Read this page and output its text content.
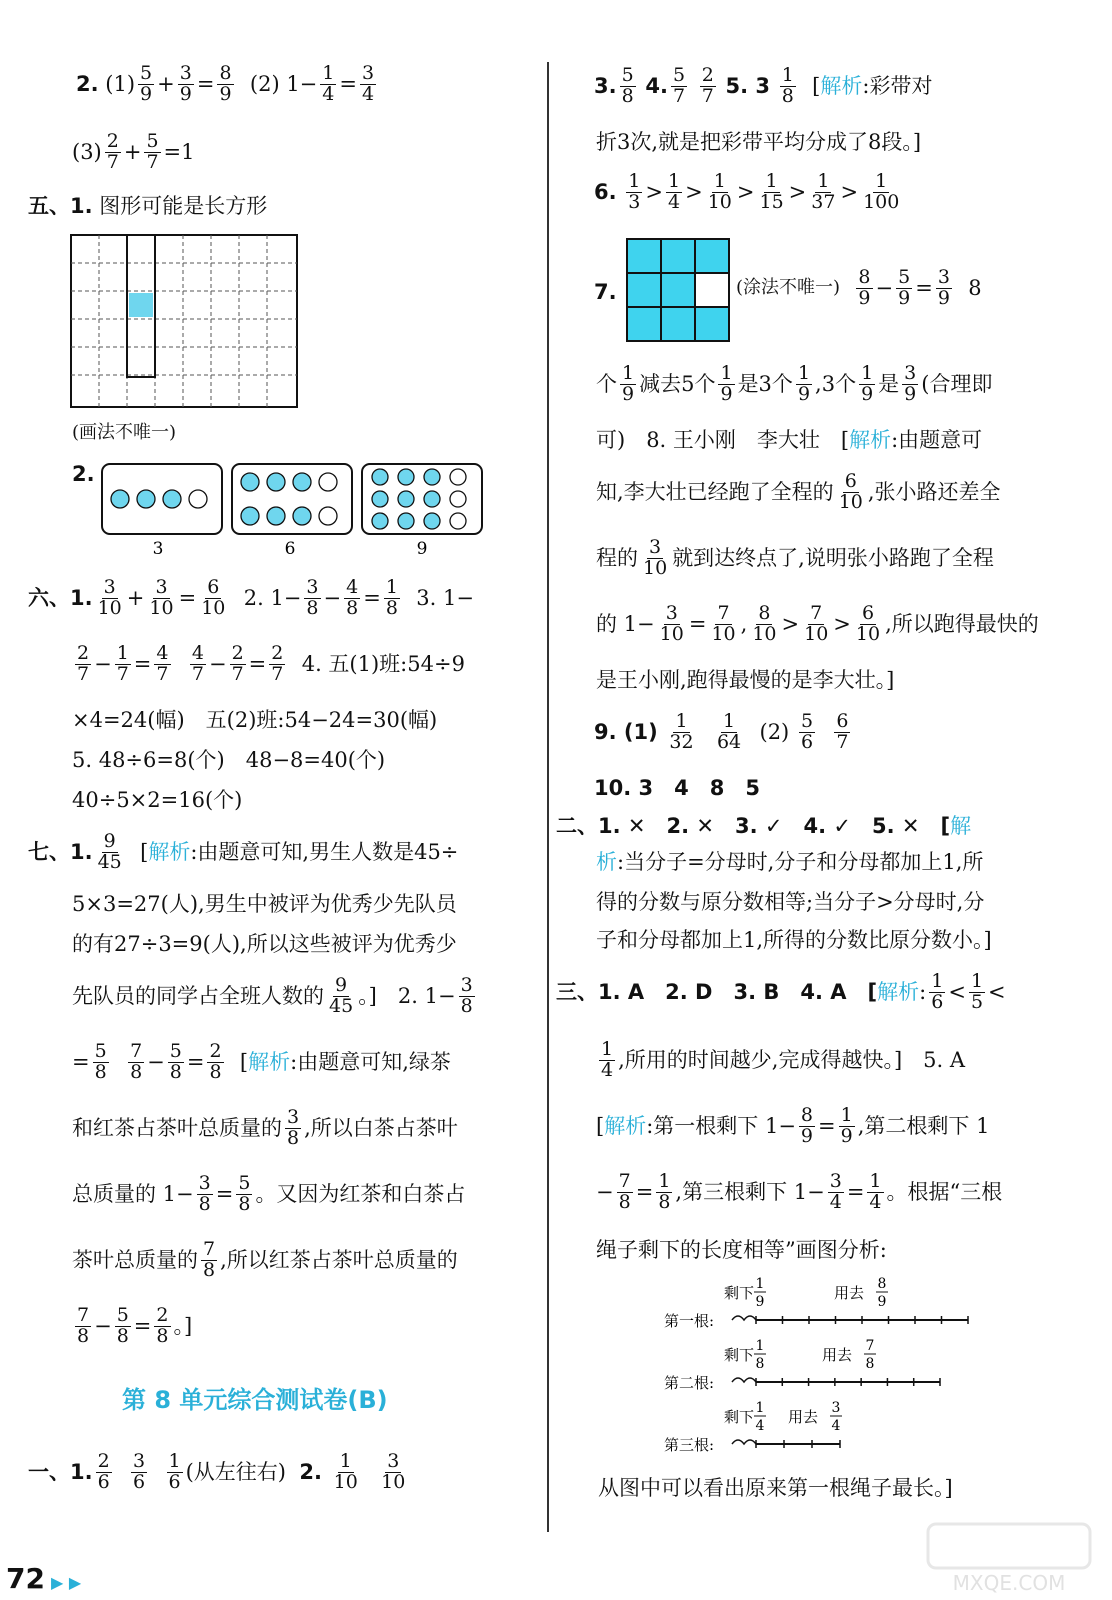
2.
$(1) \frac{5}{9} + \frac{3}{9} = \frac{8}{9}$
(2) $1- \frac{1}{4} = \frac{3}{4}$
$(3) \frac{2}{7} + \frac{5}{7} =1$
五、1.
图形可能是长方形
(画法不唯一)
2.
3	6	9
六、1. $\frac{3}{10} + \frac{3}{10} = \frac{6}{10}$
2. $1- \frac{3}{8} - \frac{4}{8} = \frac{1}{8}$
3. 1−
$\frac{2}{7} - \frac{1}{7} = \frac{4}{7}$
$\frac{4}{7} - \frac{2}{7} = \frac{2}{7}$
4. 五(1)班:54÷9
×4=24(幅)　五(2)班:54−24=30(幅)
5. 48÷6=8(个)　48−8=40(个)
40÷5×2=16(个)
七、1. $\frac{9}{45}$ [ 解析 :由题意可知,男生人数是45÷
5×3=27(人),男生中被评为优秀少先队员
的有27÷3=9(人),所以这些被评为优秀少
先队员的同学占全班人数的 $\frac{9}{45}$ 。]　2. $1- \frac{3}{8}$
= $\frac{5}{8}$
$\frac{7}{8} - \frac{5}{8} = \frac{2}{8}$
[ 解析 :由题意可知,绿茶
和红茶占茶叶总质量的 $\frac{3}{8}$ ,所以白茶占茶叶
总质量的 $1- \frac{3}{8} = \frac{5}{8}$ 。又因为红茶和白茶占
茶叶总质量的 $\frac{7}{8}$ ,所以红茶占茶叶总质量的
$\frac{7}{8} - \frac{5}{8} = \frac{2}{8}$ 。]
第 8 单元综合测试卷(B)
一、1. $\frac{2}{6}$
$\frac{3}{6}$
$\frac{1}{6}$ (从左往右)
2.
$\frac{1}{10}$
$\frac{3}{10}$
3. $\frac{5}{8}$
4. $\frac{5}{7}$
$\frac{2}{7}$
5. 3
$\frac{1}{8}$ [ 解析 :彩带对
折3次,就是把彩带平均分成了8段。]
6.
$\frac{1}{3} > \frac{1}{4} > \frac{1}{10} > \frac{1}{15} > \frac{1}{37} > \frac{1}{100}$
7.	(涂法不唯一)
$\frac{8}{9} - \frac{5}{9} = \frac{3}{9}$
8
个 $\frac{1}{9}$ 减去5个 $\frac{1}{9}$ 是3个 $\frac{1}{9} ,3$个 $\frac{1}{9}$ 是 $\frac{3}{9}$ (合理即
可)　8. 王小刚　李大壮　[ 解析 :由题意可
知,李大壮已经跑了全程的 $\frac{6}{10}$ ,张小路还差全
程的 $\frac{3}{10}$ 就到达终点了,说明张小路跑了全程
的 $1- \frac{3}{10} = \frac{7}{10}$ , $\frac{8}{10} > \frac{7}{10} > \frac{6}{10}$ , 所以跑得最快的
是王小刚,跑得最慢的是李大壮。]
9. (1)
$\frac{1}{32}$
$\frac{1}{64}$
(2)
$\frac{5}{6}$
$\frac{6}{7}$
10. 3　4　8　5
二、1. ✕　2. ✕　3. ✓　4. ✓　5. ✕　[ 解
析 :当分子=分母时,分子和分母都加上1,所
得的分数与原分数相等;当分子>分母时,分
子和分母都加上1,所得的分数比原分数小。]
三、1. A　2. D　3. B　4. A　[ 解析 : $\frac{1}{6} < \frac{1}{5}$ <
$\frac{1}{4}$ ,所用的时间越少,完成得越快。]　5. A
[ 解析 :第一根剩下 $1- \frac{8}{9} = \frac{1}{9}$ ,第二根剩下 1
− $\frac{7}{8} = \frac{1}{8}$ ,第三根剩下 $1- \frac{3}{4} = \frac{1}{4}$ 。根据“三根
绳子剩下的长度相等”画图分析:
剩下 1
9	用去 8
9
第一根:
剩下 1
8	用去 7
8
第二根:
剩下 1
4 用去 3
4
第三根:
从图中可以看出原来第一根绳子最长。]
72 ▶ ▶	MXQE.COM
